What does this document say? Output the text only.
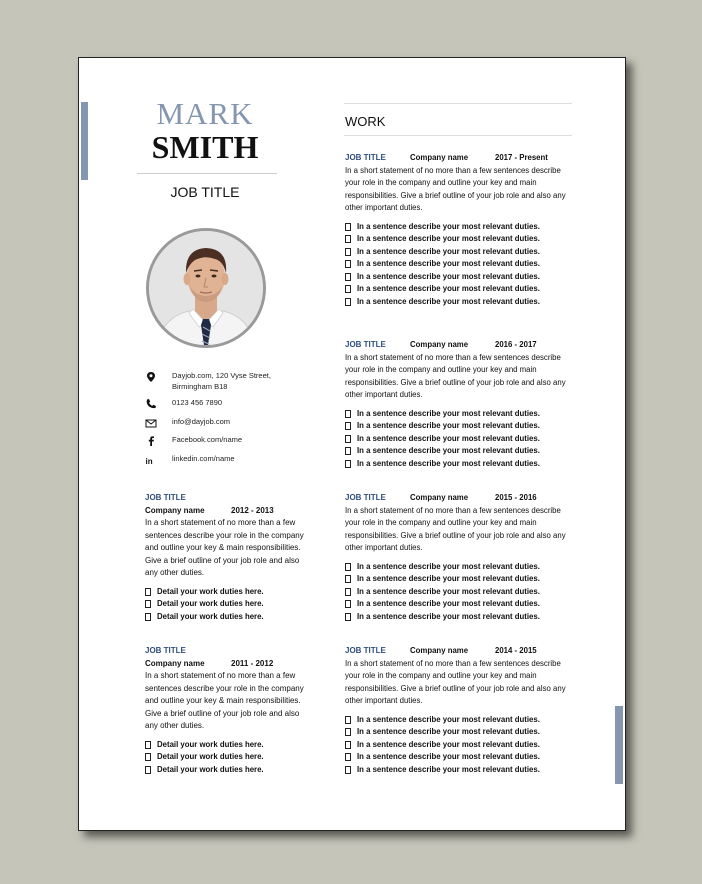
MARK
SMITH
JOB TITLE
Dayjob.com, 120 Vyse Street, Birmingham B18
0123 456 7890
info@dayjob.com
Facebook.com/name
in	linkedin.com/name
JOB TITLE
Company name	2012 - 2013

In a short statement of no more than a few sentences describe your role in the company and outline your key & main responsibilities. Give a brief outline of your job role and also any other duties.

Detail your work duties here.
Detail your work duties here.
Detail your work duties here.
JOB TITLE
Company name	2011 - 2012

In a short statement of no more than a few sentences describe your role in the company and outline your key & main responsibilities. Give a brief outline of your job role and also any other duties.

Detail your work duties here.
Detail your work duties here.
Detail your work duties here.
WORK
JOB TITLE	Company name	2017 - Present

In a short statement of no more than a few sentences describe your role in the company and outline your key and main responsibilities. Give a brief outline of your job role and also any other important duties.

In a sentence describe your most relevant duties.
In a sentence describe your most relevant duties.
In a sentence describe your most relevant duties.
In a sentence describe your most relevant duties.
In a sentence describe your most relevant duties.
In a sentence describe your most relevant duties.
In a sentence describe your most relevant duties.
JOB TITLE	Company name	2016 - 2017

In a short statement of no more than a few sentences describe your role in the company and outline your key and main responsibilities. Give a brief outline of your job role and also any other important duties.

In a sentence describe your most relevant duties.
In a sentence describe your most relevant duties.
In a sentence describe your most relevant duties.
In a sentence describe your most relevant duties.
In a sentence describe your most relevant duties.
JOB TITLE	Company name	2015 - 2016

In a short statement of no more than a few sentences describe your role in the company and outline your key and main responsibilities. Give a brief outline of your job role and also any other important duties.

In a sentence describe your most relevant duties.
In a sentence describe your most relevant duties.
In a sentence describe your most relevant duties.
In a sentence describe your most relevant duties.
In a sentence describe your most relevant duties.
JOB TITLE	Company name	2014 - 2015

In a short statement of no more than a few sentences describe your role in the company and outline your key and main responsibilities. Give a brief outline of your job role and also any other important duties.

In a sentence describe your most relevant duties.
In a sentence describe your most relevant duties.
In a sentence describe your most relevant duties.
In a sentence describe your most relevant duties.
In a sentence describe your most relevant duties.
